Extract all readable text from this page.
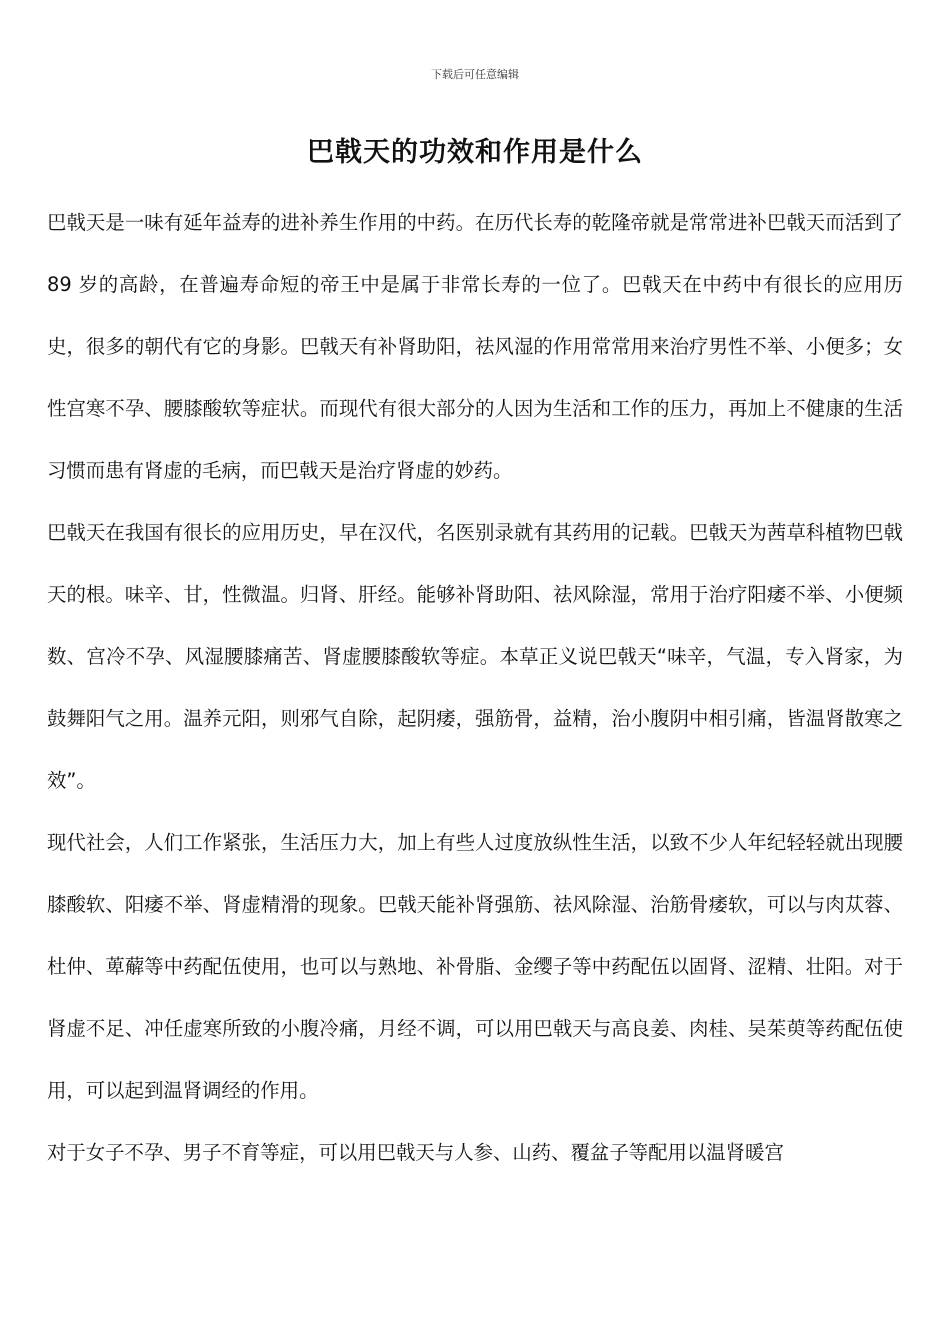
下载后可任意编辑
巴戟天的功效和作用是什么

巴戟天是一味有延年益寿的进补养生作用的中药。在历代长寿的乾隆帝就是常常进补巴戟天而活到了 89 岁的高龄，在普遍寿命短的帝王中是属于非常长寿的一位了。巴戟天在中药中有很长的应用历史，很多的朝代有它的身影。巴戟天有补肾助阳，祛风湿的作用常常用来治疗男性不举、小便多；女性宫寒不孕、腰膝酸软等症状。而现代有很大部分的人因为生活和工作的压力，再加上不健康的生活习惯而患有肾虚的毛病，而巴戟天是治疗肾虚的妙药。

巴戟天在我国有很长的应用历史，早在汉代，名医别录就有其药用的记载。巴戟天为茜草科植物巴戟天的根。味辛、甘，性微温。归肾、肝经。能够补肾助阳、祛风除湿，常用于治疗阳痿不举、小便频数、宫冷不孕、风湿腰膝痛苦、肾虚腰膝酸软等症。本草正义说巴戟天“味辛，气温，专入肾家，为鼓舞阳气之用。温养元阳，则邪气自除，起阴痿，强筋骨，益精，治小腹阴中相引痛，皆温肾散寒之效”。

现代社会，人们工作紧张，生活压力大，加上有些人过度放纵性生活，以致不少人年纪轻轻就出现腰膝酸软、阳痿不举、肾虚精滑的现象。巴戟天能补肾强筋、祛风除湿、治筋骨痿软，可以与肉苁蓉、杜仲、萆薢等中药配伍使用，也可以与熟地、补骨脂、金缨子等中药配伍以固肾、涩精、壮阳。对于肾虚不足、冲任虚寒所致的小腹冷痛，月经不调，可以用巴戟天与高良姜、肉桂、吴茱萸等药配伍使用，可以起到温肾调经的作用。

对于女子不孕、男子不育等症，可以用巴戟天与人参、山药、覆盆子等配用以温肾暖宫
